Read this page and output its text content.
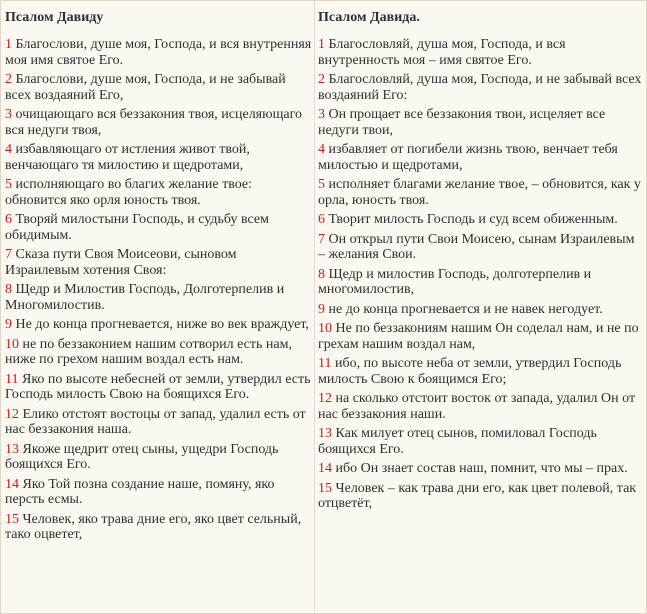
Псалом Давиду
1 Благослови, душе моя, Господа, и вся внутренняя моя имя святое Его.
2 Благослови, душе моя, Господа, и не забывай всех воздаяний Его,
3 очищающаго вся беззакония твоя, исцеляющаго вся недуги твоя,
4 избавляющаго от истления живот твой, венчающаго тя милостию и щедротами,
5 исполняющаго во благих желание твое: обновится яко орля юность твоя.
6 Творяй милостыни Господь, и судьбу всем обидимым.
7 Сказа пути Своя Моисеови, сыновом Израилевым хотения Своя:
8 Щедр и Милостив Господь, Долготерпелив и Многомилостив.
9 Не до конца прогневается, ниже во век враждует,
10 не по беззаконием нашим сотворил есть нам, ниже по грехом нашим воздал есть нам.
11 Яко по высоте небесней от земли, утвердил есть Господь милость Свою на боящихся Его.
12 Елико отстоят востоцы от запад, удалил есть от нас беззакония наша.
13 Якоже щедрит отец сыны, ущедри Господь боящихся Его.
14 Яко Той позна создание наше, помяну, яко персть есмы.
15 Человек, яко трава дние его, яко цвет сельный, тако оцветет,
Псалом Давида.
1 Благословляй, душа моя, Господа, и вся внутренность моя – имя святое Его.
2 Благословляй, душа моя, Господа, и не забывай всех воздаяний Его:
3 Он прощает все беззакония твои, исцеляет все недуги твои,
4 избавляет от погибели жизнь твою, венчает тебя милостью и щедротами,
5 исполняет благами желание твое, – обновится, как у орла, юность твоя.
6 Творит милость Господь и суд всем обиженным.
7 Он открыл пути Свои Моисею, сынам Израилевым – желания Свои.
8 Щедр и милостив Господь, долготерпелив и многомилостив,
9 не до конца прогневается и не навек негодует.
10 Не по беззакониям нашим Он соделал нам, и не по грехам нашим воздал нам,
11 ибо, по высоте неба от земли, утвердил Господь милость Свою к боящимся Его;
12 на сколько отстоит восток от запада, удалил Он от нас беззакония наши.
13 Как милует отец сынов, помиловал Господь боящихся Его.
14 ибо Он знает состав наш, помнит, что мы – прах.
15 Человек – как трава дни его, как цвет полевой, так отцветёт,
